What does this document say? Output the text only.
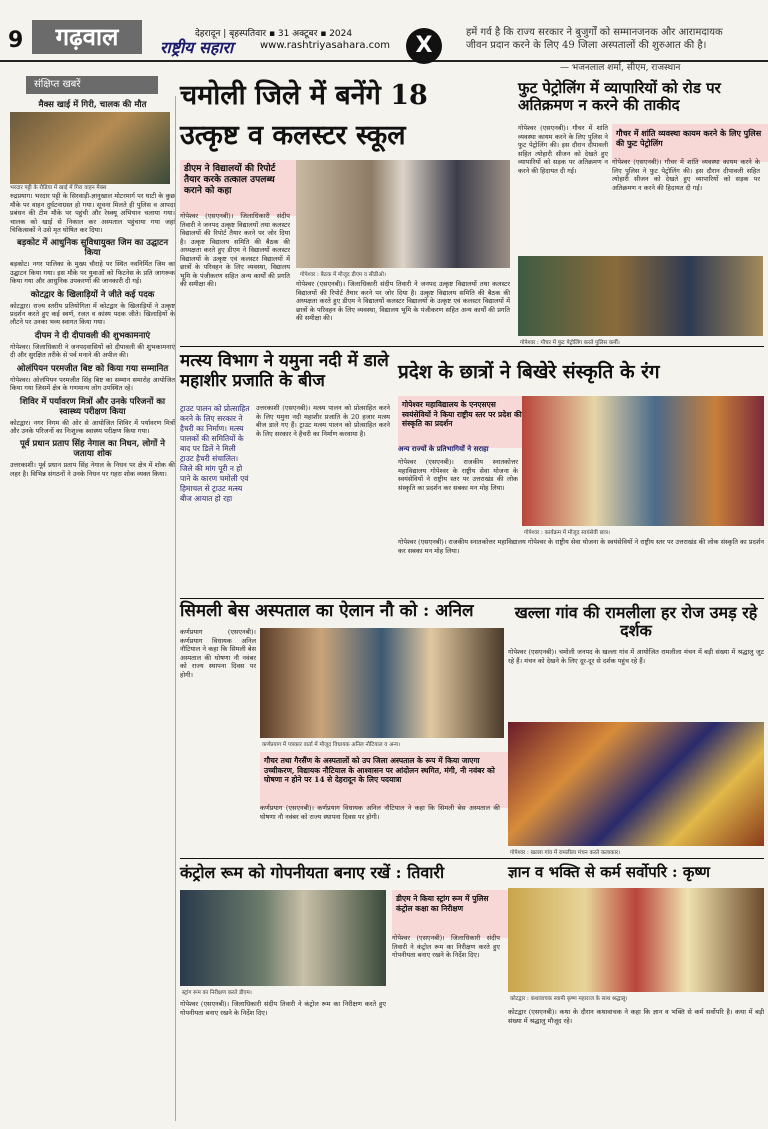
9	गढ़वाल	देहरादून | बृहस्पतिवार ▪ 31 अक्टूबर ▪ 2024
राष्ट्रीय सहारा	www.rashtriyasahara.com	X
हमें गर्व है कि राज्य सरकार ने बुजुर्गों को सम्मानजनक और आरामदायक जीवन प्रदान करने के लिए 49 जिला अस्पतालों की शुरुआत की है।
— भजनलाल शर्मा, सीएम, राजस्थान
संक्षिप्त खबरें
मैक्स खाई में गिरी, चालक की मौत
भरदार पट्टी के रौडिया में खाई में गिरा वाहन मैक्स

रुद्रप्रयाग। भरदार पट्टी के सिरवाड़ी-ज्ञानुखाल मोटरमार्ग पर घाटी के कुछ मौके पर वाहन दुर्घटनाग्रस्त हो गया। सूचना मिलते ही पुलिस व आपदा प्रबंधन की टीम मौके पर पहुंची और रेस्क्यू अभियान चलाया गया। चालक को खाई से निकाल कर अस्पताल पहुंचाया गया जहां चिकित्सकों ने उसे मृत घोषित कर दिया।

बड़कोट में आधुनिक सुविधायुक्त जिम का उद्घाटन किया

बड़कोट। नगर पालिका के मुख्य चौराहे पर स्थित नवनिर्मित जिम का उद्घाटन किया गया। इस मौके पर युवाओं को फिटनेस के प्रति जागरूक किया गया और आधुनिक उपकरणों की जानकारी दी गई।

कोटद्वार के खिलाड़ियों ने जीते कई पदक

कोटद्वार। राज्य स्तरीय प्रतियोगिता में कोटद्वार के खिलाड़ियों ने उत्कृष्ट प्रदर्शन करते हुए कई स्वर्ण, रजत व कांस्य पदक जीते। खिलाड़ियों के लौटने पर उनका भव्य स्वागत किया गया।

दीपम ने दी दीपावली की शुभकामनाएं

गोपेश्वर। जिलाधिकारी ने जनपदवासियों को दीपावली की शुभकामनाएं दी और सुरक्षित तरीके से पर्व मनाने की अपील की।

ओलंपियन परमजीत बिष्ट को किया गया सम्मानित

गोपेश्वर। ओलंपियन परमजीत सिंह बिष्ट का सम्मान समारोह आयोजित किया गया जिसमें क्षेत्र के गणमान्य लोग उपस्थित रहे।

शिविर में पर्यावरण मित्रों और उनके परिजनों का स्वास्थ्य परीक्षण किया

कोटद्वार। नगर निगम की ओर से आयोजित शिविर में पर्यावरण मित्रों और उनके परिजनों का निःशुल्क स्वास्थ्य परीक्षण किया गया।

पूर्व प्रधान प्रताप सिंह नेगाल का निधन, लोगों ने जताया शोक

उत्तरकाशी। पूर्व प्रधान प्रताप सिंह नेगाल के निधन पर क्षेत्र में शोक की लहर है। विभिन्न संगठनों ने उनके निधन पर गहरा शोक व्यक्त किया।

चमोली जिले में बनेंगे 18
उत्कृष्ट व कलस्टर स्कूल
डीएम ने विद्यालयों की रिपोर्ट तैयार करके तत्काल उपलब्ध कराने को कहा
गोपेश्वर : बैठक में मौजूद डीएम व सीडीओ।
गोपेश्वर (एसएनबी)। जिलाधिकारी संदीप तिवारी ने जनपद उत्कृष्ट विद्यालयों तथा कलस्टर विद्यालयों की रिपोर्ट तैयार करने पर जोर दिया है। उत्कृष्ट विद्यालय समिति की बैठक की अध्यक्षता करते हुए डीएम ने विद्यालयों कलस्टर विद्यालयों के उत्कृष्ट एवं कलस्टर विद्यालयों में छात्रों के परिवहन के लिए व्यवस्था, विद्यालय भूमि के पंजीकरण सहित अन्य कार्यों की प्रगति की समीक्षा की।	गोपेश्वर (एसएनबी)। जिलाधिकारी संदीप तिवारी ने जनपद उत्कृष्ट विद्यालयों तथा कलस्टर विद्यालयों की रिपोर्ट तैयार करने पर जोर दिया है। उत्कृष्ट विद्यालय समिति की बैठक की अध्यक्षता करते हुए डीएम ने विद्यालयों कलस्टर विद्यालयों के उत्कृष्ट एवं कलस्टर विद्यालयों में छात्रों के परिवहन के लिए व्यवस्था, विद्यालय भूमि के पंजीकरण सहित अन्य कार्यों की प्रगति की समीक्षा की।
फुट पेट्रोलिंग में व्यापारियों को रोड पर अतिक्रमण न करने की ताकीद
गौचर में शांति व्यवस्था कायम करने के लिए पुलिस की फुट पेट्रोलिंग
गोपेश्वर (एसएनबी)। गौचर में शांति व्यवस्था कायम करने के लिए पुलिस ने फुट पेट्रोलिंग की। इस दौरान दीपावली सहित त्योहारी सीजन को देखते हुए व्यापारियों को सड़क पर अतिक्रमण न करने की हिदायत दी गई।
गोपेश्वर (एसएनबी)। गौचर में शांति व्यवस्था कायम करने के लिए पुलिस ने फुट पेट्रोलिंग की। इस दौरान दीपावली सहित त्योहारी सीजन को देखते हुए व्यापारियों को सड़क पर अतिक्रमण न करने की हिदायत दी गई।
गोपेश्वर : गौचर में फुट पेट्रोलिंग करते पुलिस कर्मी।
मत्स्य विभाग ने यमुना नदी में डाले महाशीर प्रजाति के बीज
ट्राउट पालन को प्रोत्साहित करने के लिए सरकार ने हैचरी का निर्माण। मत्स्य पालकों की समितियों के बाद पर डिलें ने मिली ट्राउट हैचरी संचालित। जिले की मांग पूरी न हो पाने के कारण चमोली एवं हिमाचल से ट्राउट मत्स्य बीज आयात हो रहा
उत्तरकाशी (एसएनबी)। मत्स्य पालन को प्रोत्साहित करने के लिए यमुना नदी महाशीर प्रजाति के 20 हजार मत्स्य बीज डाले गए हैं। ट्राउट मत्स्य पालन को प्रोत्साहित करने के लिए सरकार ने हैचरी का निर्माण करवाया है।
प्रदेश के छात्रों ने बिखेरे संस्कृति के रंग
गोपेश्वर महाविद्यालय के एनएसएस स्वयंसेवियों ने किया राष्ट्रीय स्तर पर प्रदेश की संस्कृति का प्रदर्शन
अन्य राज्यों के प्रतिभागियों ने सराहा
गोपेश्वर (एसएनबी)। राजकीय स्नातकोत्तर महाविद्यालय गोपेश्वर के राष्ट्रीय सेवा योजना के स्वयंसेवियों ने राष्ट्रीय स्तर पर उत्तराखंड की लोक संस्कृति का प्रदर्शन कर सबका मन मोह लिया।
गोपेश्वर : कार्यक्रम में मौजूद स्वयंसेवी छात्र।
गोपेश्वर (एसएनबी)। राजकीय स्नातकोत्तर महाविद्यालय गोपेश्वर के राष्ट्रीय सेवा योजना के स्वयंसेवियों ने राष्ट्रीय स्तर पर उत्तराखंड की लोक संस्कृति का प्रदर्शन कर सबका मन मोह लिया।
सिमली बेस अस्पताल का ऐलान नौ को : अनिल
कर्णप्रयाग (एसएनबी)। कर्णप्रयाग विधायक अनिल नौटियाल ने कहा कि सिमली बेस अस्पताल की घोषणा नौ नवंबर को राज्य स्थापना दिवस पर होगी।
कर्णप्रयाग में पत्रकार वार्ता में मौजूद विधायक अनिल नौटियाल व अन्य।
गौचर तथा गैरसैंण के अस्पतालों को उप जिला अस्पताल के रूप में किया जाएगा उच्चीकरण, विद्यायक नौटियाल के आश्वासन पर आंदोलन स्थगित, मंगी, नी नवंबर को घोषणा न होने पर 14 से देहरादून के लिए पदयात्रा
कर्णप्रयाग (एसएनबी)। कर्णप्रयाग विधायक अनिल नौटियाल ने कहा कि सिमली बेस अस्पताल की घोषणा नौ नवंबर को राज्य स्थापना दिवस पर होगी।
खल्ला गांव की रामलीला हर रोज उमड़ रहे दर्शक
गोपेश्वर (एसएनबी)। चमोली जनपद के खल्ला गांव में आयोजित रामलीला मंचन में बड़ी संख्या में श्रद्धालु जुट रहे हैं। मंचन को देखने के लिए दूर-दूर से दर्शक पहुंच रहे हैं।
गोपेश्वर : खल्ला गांव में रामलीला मंचन करते कलाकार।
कंट्रोल रूम को गोपनीयता बनाए रखें : तिवारी
स्ट्रांग रूम का निरीक्षण करते डीएम।
डीएम ने किया स्ट्रांग रूम में पुलिस कंट्रोल कक्षा का निरीक्षण
गोपेश्वर (एसएनबी)। जिलाधिकारी संदीप तिवारी ने कंट्रोल रूम का निरीक्षण करते हुए गोपनीयता बनाए रखने के निर्देश दिए।
गोपेश्वर (एसएनबी)। जिलाधिकारी संदीप तिवारी ने कंट्रोल रूम का निरीक्षण करते हुए गोपनीयता बनाए रखने के निर्देश दिए।
ज्ञान व भक्ति से कर्म सर्वोपरि : कृष्ण
कोटद्वार : कथावाचक स्वामी कृष्ण महाराज के साथ श्रद्धालु।
कोटद्वार (एसएनबी)। कथा के दौरान कथावाचक ने कहा कि ज्ञान व भक्ति से कर्म सर्वोपरि है। कथा में बड़ी संख्या में श्रद्धालु मौजूद रहे।
